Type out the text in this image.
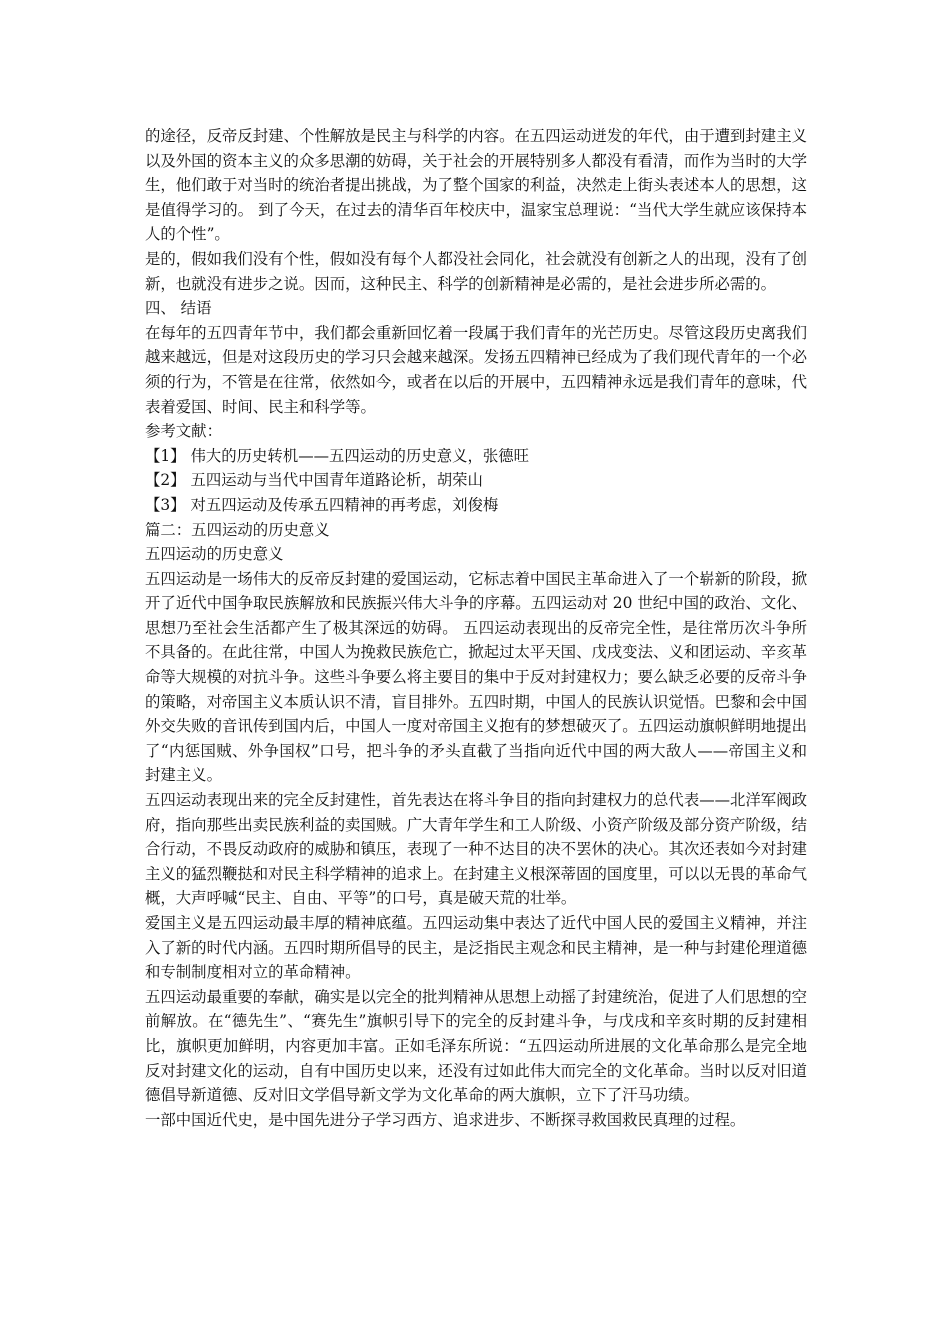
的途径，反帝反封建、个性解放是民主与科学的内容。在五四运动迸发的年代，由于遭到封建主义以及外国的资本主义的众多思潮的妨碍，关于社会的开展特别多人都没有看清，而作为当时的大学生，他们敢于对当时的统治者提出挑战，为了整个国家的利益，决然走上街头表述本人的思想，这是值得学习的。 到了今天，在过去的清华百年校庆中，温家宝总理说：“当代大学生就应该保持本人的个性”。

是的，假如我们没有个性，假如没有每个人都没社会同化，社会就没有创新之人的出现，没有了创新，也就没有进步之说。因而，这种民主、科学的创新精神是必需的，是社会进步所必需的。

四、 结语

在每年的五四青年节中，我们都会重新回忆着一段属于我们青年的光芒历史。尽管这段历史离我们越来越远，但是对这段历史的学习只会越来越深。发扬五四精神已经成为了我们现代青年的一个必须的行为，不管是在往常，依然如今，或者在以后的开展中，五四精神永远是我们青年的意味，代表着爱国、时间、民主和科学等。

参考文献：

【1】 伟大的历史转机——五四运动的历史意义，张德旺

【2】 五四运动与当代中国青年道路论析，胡荣山

【3】 对五四运动及传承五四精神的再考虑，刘俊梅

篇二：五四运动的历史意义

五四运动的历史意义

五四运动是一场伟大的反帝反封建的爱国运动，它标志着中国民主革命进入了一个崭新的阶段，掀开了近代中国争取民族解放和民族振兴伟大斗争的序幕。五四运动对 20 世纪中国的政治、文化、思想乃至社会生活都产生了极其深远的妨碍。 五四运动表现出的反帝完全性，是往常历次斗争所不具备的。在此往常，中国人为挽救民族危亡，掀起过太平天国、戊戌变法、义和团运动、辛亥革命等大规模的对抗斗争。这些斗争要么将主要目的集中于反对封建权力；要么缺乏必要的反帝斗争的策略，对帝国主义本质认识不清，盲目排外。五四时期，中国人的民族认识觉悟。巴黎和会中国外交失败的音讯传到国内后，中国人一度对帝国主义抱有的梦想破灭了。五四运动旗帜鲜明地提出了“内惩国贼、外争国权”口号，把斗争的矛头直截了当指向近代中国的两大敌人——帝国主义和封建主义。

五四运动表现出来的完全反封建性，首先表达在将斗争目的指向封建权力的总代表——北洋军阀政府，指向那些出卖民族利益的卖国贼。广大青年学生和工人阶级、小资产阶级及部分资产阶级，结合行动，不畏反动政府的威胁和镇压，表现了一种不达目的决不罢休的决心。其次还表如今对封建主义的猛烈鞭挞和对民主科学精神的追求上。在封建主义根深蒂固的国度里，可以以无畏的革命气概，大声呼喊“民主、自由、平等”的口号，真是破天荒的壮举。

爱国主义是五四运动最丰厚的精神底蕴。五四运动集中表达了近代中国人民的爱国主义精神，并注入了新的时代内涵。五四时期所倡导的民主，是泛指民主观念和民主精神，是一种与封建伦理道德和专制制度相对立的革命精神。

五四运动最重要的奉献，确实是以完全的批判精神从思想上动摇了封建统治，促进了人们思想的空前解放。在“德先生”、“赛先生”旗帜引导下的完全的反封建斗争，与戊戌和辛亥时期的反封建相比，旗帜更加鲜明，内容更加丰富。正如毛泽东所说：“五四运动所进展的文化革命那么是完全地反对封建文化的运动，自有中国历史以来，还没有过如此伟大而完全的文化革命。当时以反对旧道德倡导新道德、反对旧文学倡导新文学为文化革命的两大旗帜，立下了汗马功绩。

一部中国近代史，是中国先进分子学习西方、追求进步、不断探寻救国救民真理的过程。
